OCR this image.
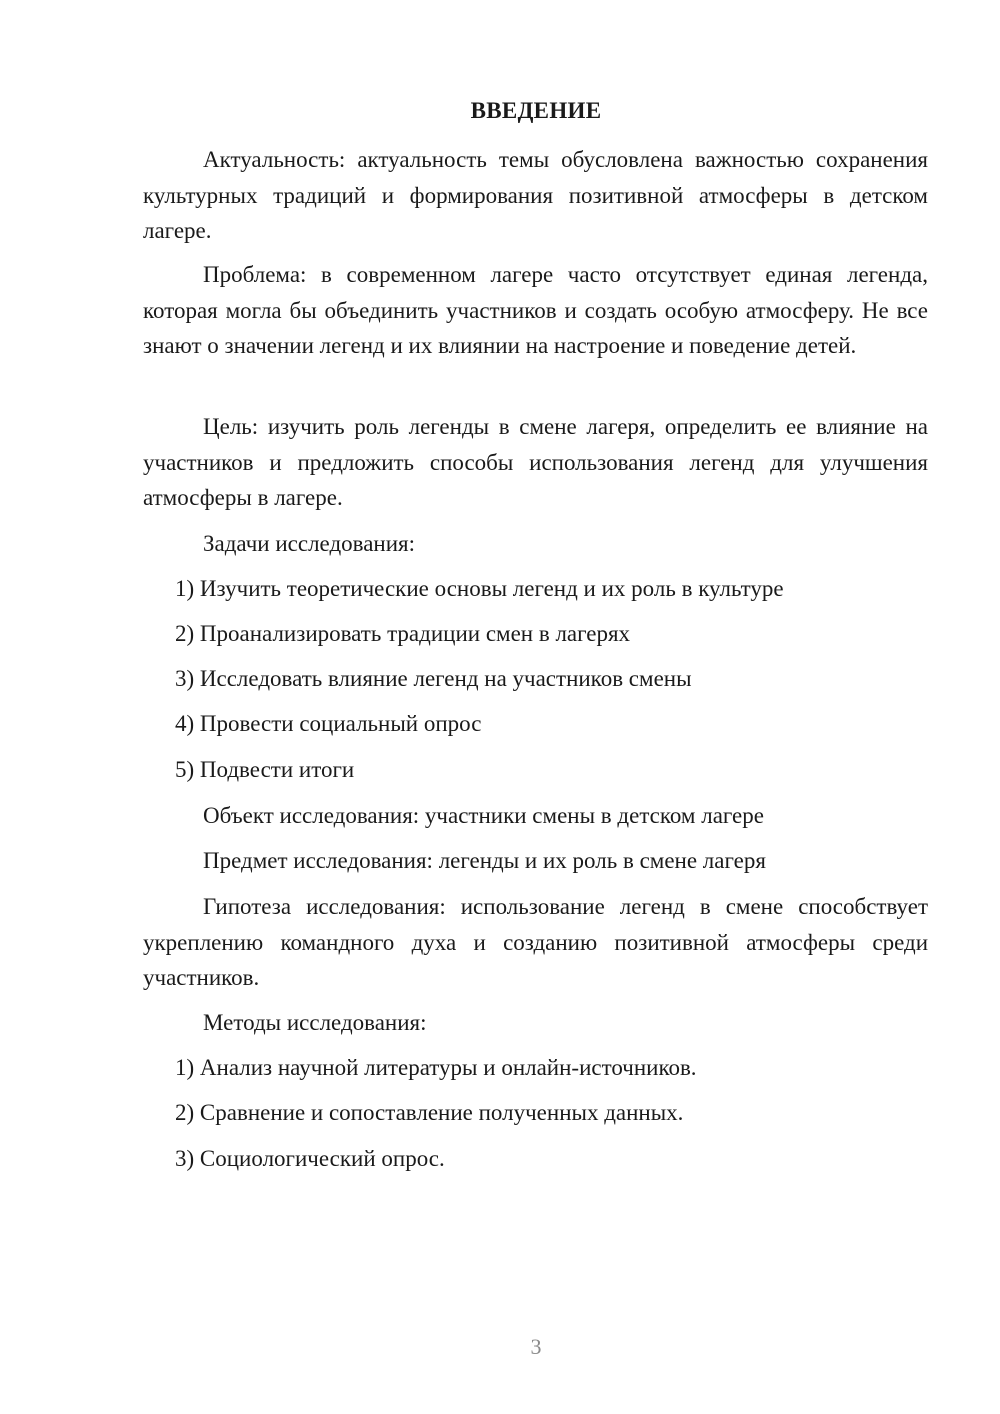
ВВЕДЕНИЕ

Актуальность: актуальность темы обусловлена важностью сохранения культурных традиций и формирования позитивной атмосферы в детском лагере.

Проблема: в современном лагере часто отсутствует единая легенда, которая могла бы объединить участников и создать особую атмосферу. Не все знают о значении легенд и их влиянии на настроение и поведение детей.

Цель: изучить роль легенды в смене лагеря, определить ее влияние на участников и предложить способы использования легенд для улучшения атмосферы в лагере.

Задачи исследования:
1) Изучить теоретические основы легенд и их роль в культуре
2) Проанализировать традиции смен в лагерях
3) Исследовать влияние легенд на участников смены
4) Провести социальный опрос
5) Подвести итоги
Объект исследования: участники смены в детском лагере
Предмет исследования: легенды и их роль в смене лагеря

Гипотеза исследования: использование легенд в смене способствует укреплению командного духа и созданию позитивной атмосферы среди участников.

Методы исследования:
1) Анализ научной литературы и онлайн-источников.
2) Сравнение и сопоставление полученных данных.
3) Социологический опрос.
3
